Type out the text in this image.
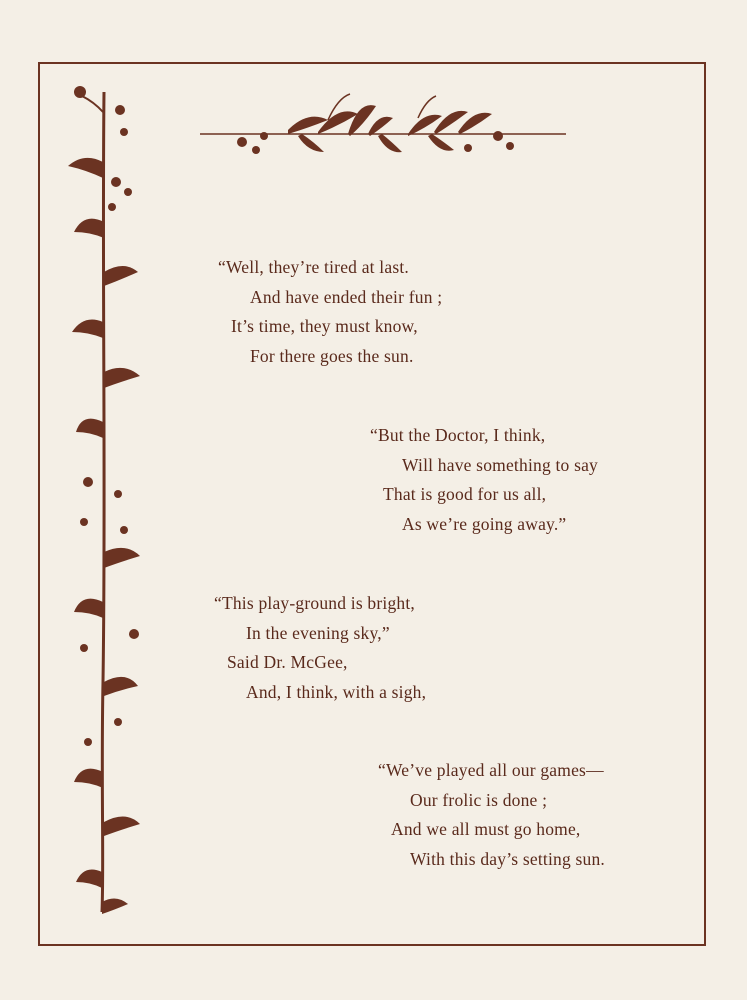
“Well, they’re tired at last.
And have ended their fun ;
It’s time, they must know,
For there goes the sun.
“But the Doctor, I think,
Will have something to say
That is good for us all,
As we’re going away.”
“This play-ground is bright,
In the evening sky,”
Said Dr. McGee,
And, I think, with a sigh,
“We’ve played all our games—
Our frolic is done ;
And we all must go home,
With this day’s setting sun.
